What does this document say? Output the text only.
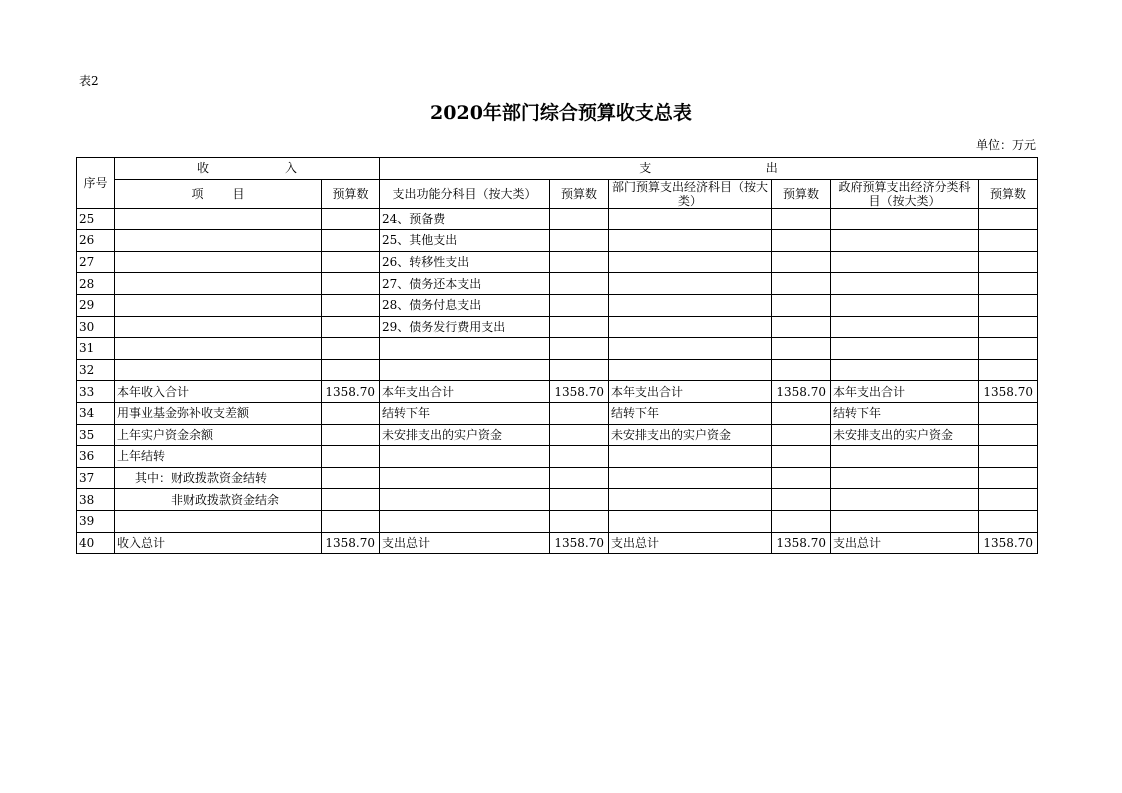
表2
2020年部门综合预算收支总表
单位：万元
序号	收 入		支 出					

	项 目	预算数	支出功能分科目（按大类）	预算数	部门预算支出经济科目（按大类）	预算数	政府预算支出经济分类科目（按大类）	预算数
25			24、预备费					
26			25、其他支出					
27			26、转移性支出					
28			27、债务还本支出					
29			28、债务付息支出					
30			29、债务发行费用支出					
31								
32								
33	本年收入合计	1358.70	本年支出合计	1358.70	本年支出合计	1358.70	本年支出合计	1358.70
34	用事业基金弥补收支差额		结转下年		结转下年		结转下年	
35	上年实户资金余额		未安排支出的实户资金		未安排支出的实户资金		未安排支出的实户资金	
36	上年结转							
37	其中：财政拨款资金结转							
38	非财政拨款资金结余							
39								
40	收入总计	1358.70	支出总计	1358.70	支出总计	1358.70	支出总计	1358.70
